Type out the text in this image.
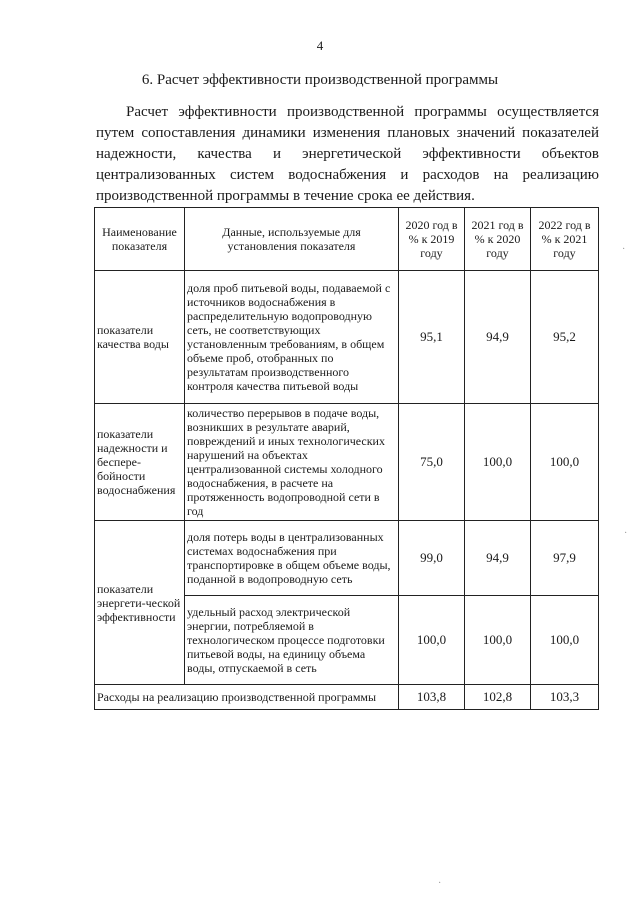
4
6. Расчет эффективности производственной программы

Расчет эффективности производственной программы осуществляется путем сопоставления динамики изменения плановых значений показателей надежности, качества и энергетической эффективности объектов централизованных систем водоснабжения и расходов на реализацию производственной программы в течение срока ее действия.

Наименование показателя	Данные, используемые для установления показателя	2020 год в % к 2019 году	2021 год в % к 2020 году	2022 год в % к 2021 году
показатели качества воды	доля проб питьевой воды, подаваемой с источников водоснабжения в распределительную водопроводную сеть, не соответствующих установленным требованиям, в общем объеме проб, отобранных по результатам производственного контроля качества питьевой воды	95,1	94,9	95,2
показатели надежности и беспере-бойности водоснабжения	количество перерывов в подаче воды, возникших в результате аварий, повреждений и иных технологических нарушений на объектах централизованной системы холодного водоснабжения, в расчете на протяженность водопроводной сети в год	75,0	100,0	100,0
показатели энергети-ческой эффективности	доля потерь воды в централизованных системах водоснабжения при транспортировке в общем объеме воды, поданной в водопроводную сеть	99,0	94,9	97,9
	удельный расход электрической энергии, потребляемой в технологическом процессе подготовки питьевой воды, на единицу объема воды, отпускаемой в сеть	100,0	100,0	100,0
Расходы на реализацию производственной программы		103,8	102,8	103,3
·
·
·
